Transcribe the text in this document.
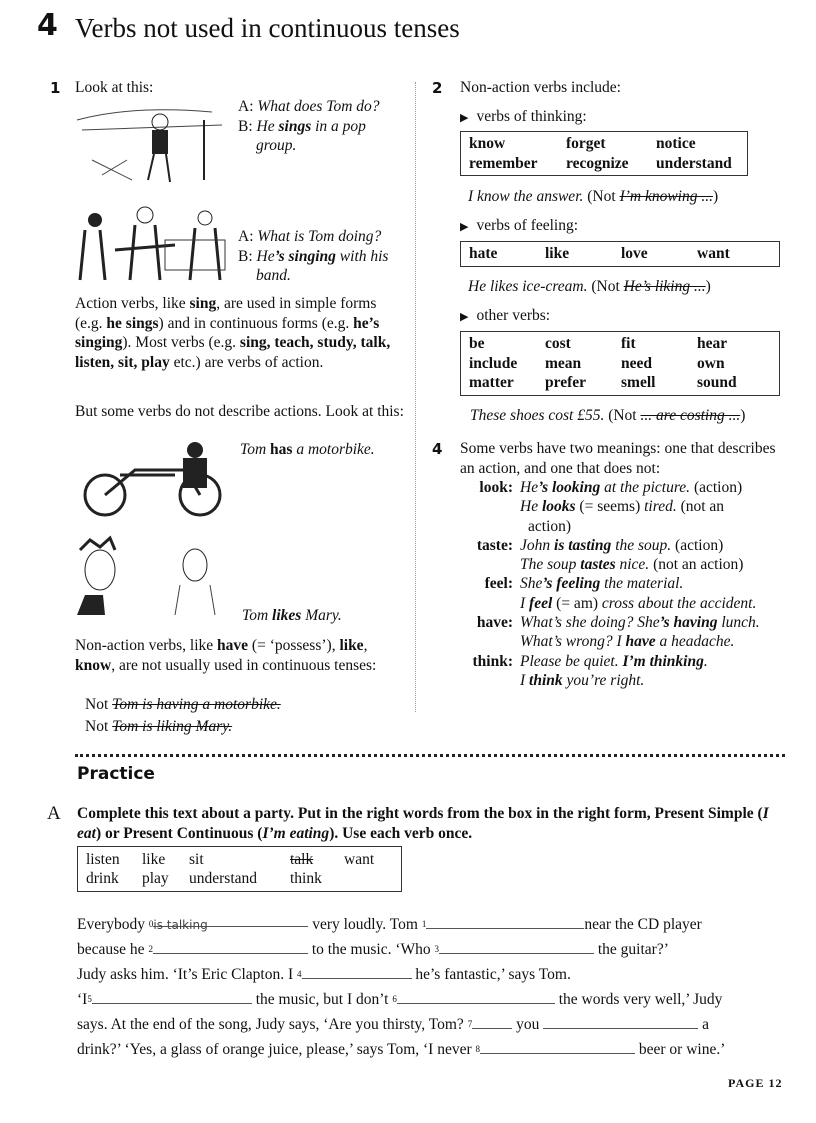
4 Verbs not used in continuous tenses
1 Look at this:

A: What does Tom do?
B: He sings in a pop
group.

A: What is Tom doing?
B: He’s singing with his
band.

Action verbs, like sing, are used in simple forms (e.g. he sings) and in continuous forms (e.g. he’s singing). Most verbs (e.g. sing, teach, study, talk, listen, sit, play etc.) are verbs of action.

But some verbs do not describe actions. Look at this:

Tom has a motorbike.

Tom likes Mary.

Non-action verbs, like have (= ‘possess’), like, know, are not usually used in continuous tenses:

Not Tom is having a motorbike.

Not Tom is liking Mary.

2 Non-action verbs include:

▶ verbs of thinking:

know	forget	notice
remember	recognize	understand

I know the answer. (Not I’m knowing ...)

▶ verbs of feeling:

hate	like	love	want

He likes ice-cream. (Not He’s liking ...)

▶ other verbs:

be	cost	fit	hear
include	mean	need	own
matter	prefer	smell	sound

These shoes cost £55. (Not ... are costing ...)

4 Some verbs have two meanings: one that describes an action, and one that does not:

look: He’s looking at the picture. (action)
He looks (= seems) tired. (not an
action)
taste: John is tasting the soup. (action)
The soup tastes nice. (not an action)
feel: She’s feeling the material.
I feel (= am) cross about the accident.
have: What’s she doing? She’s having lunch.
What’s wrong? I have a headache.
think: Please be quiet. I’m thinking.
I think you’re right.
Practice
A Complete this text about a party. Put in the right words from the box in the right form, Present Simple (I eat) or Present Continuous (I’m eating). Use each verb once.

listen like sit	talk want
drink play understand think
Everybody $^0$is talking	very loudly. Tom $^1$	near the CD player
because he $^2$	to the music. ‘Who $^3$	the guitar?’
Judy asks him. ‘It’s Eric Clapton. I $^4$	he’s fantastic,’ says Tom.
‘$I^5$	the music, but I don’t $^6$	the words very well,’ Judy
says. At the end of the song, Judy says, ‘Are you thirsty, Tom? $^7$	you	a
drink?’ ‘Yes, a glass of orange juice, please,’ says Tom, ‘I never $^8$	beer or wine.’
PAGE 12
